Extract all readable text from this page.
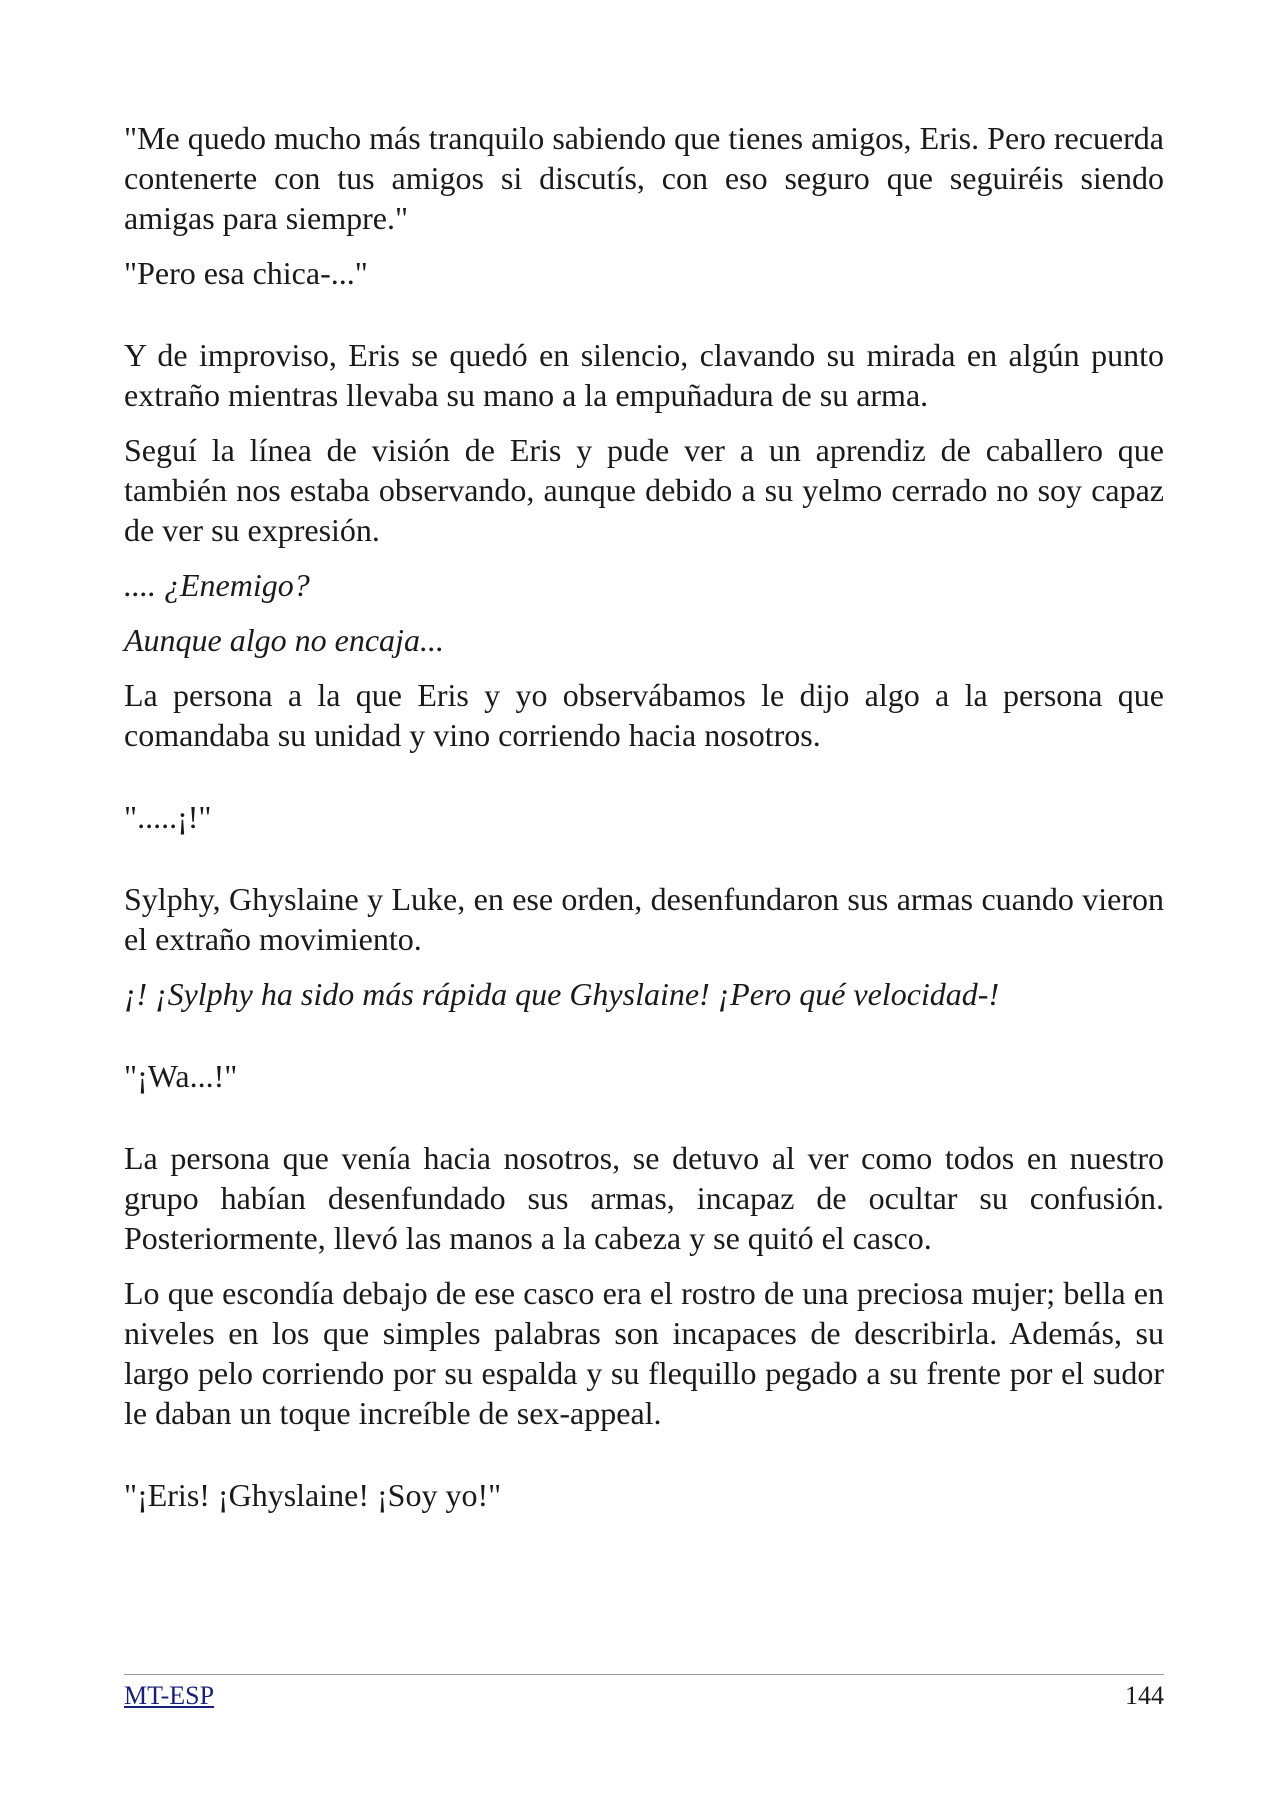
"Me quedo mucho más tranquilo sabiendo que tienes amigos, Eris. Pero recuerda contenerte con tus amigos si discutís, con eso seguro que seguiréis siendo amigas para siempre."

"Pero esa chica-..."

Y de improviso, Eris se quedó en silencio, clavando su mirada en algún punto extraño mientras llevaba su mano a la empuñadura de su arma.

Seguí la línea de visión de Eris y pude ver a un aprendiz de caballero que también nos estaba observando, aunque debido a su yelmo cerrado no soy capaz de ver su expresión.

.... ¿Enemigo?

Aunque algo no encaja...

La persona a la que Eris y yo observábamos le dijo algo a la persona que comandaba su unidad y vino corriendo hacia nosotros.

".....¡!"

Sylphy, Ghyslaine y Luke, en ese orden, desenfundaron sus armas cuando vieron el extraño movimiento.

¡! ¡Sylphy ha sido más rápida que Ghyslaine! ¡Pero qué velocidad-!

"¡Wa...!"

La persona que venía hacia nosotros, se detuvo al ver como todos en nuestro grupo habían desenfundado sus armas, incapaz de ocultar su confusión. Posteriormente, llevó las manos a la cabeza y se quitó el casco.

Lo que escondía debajo de ese casco era el rostro de una preciosa mujer; bella en niveles en los que simples palabras son incapaces de describirla. Además, su largo pelo corriendo por su espalda y su flequillo pegado a su frente por el sudor le daban un toque increíble de sex-appeal.

"¡Eris! ¡Ghyslaine! ¡Soy yo!"

MT-ESP	144
